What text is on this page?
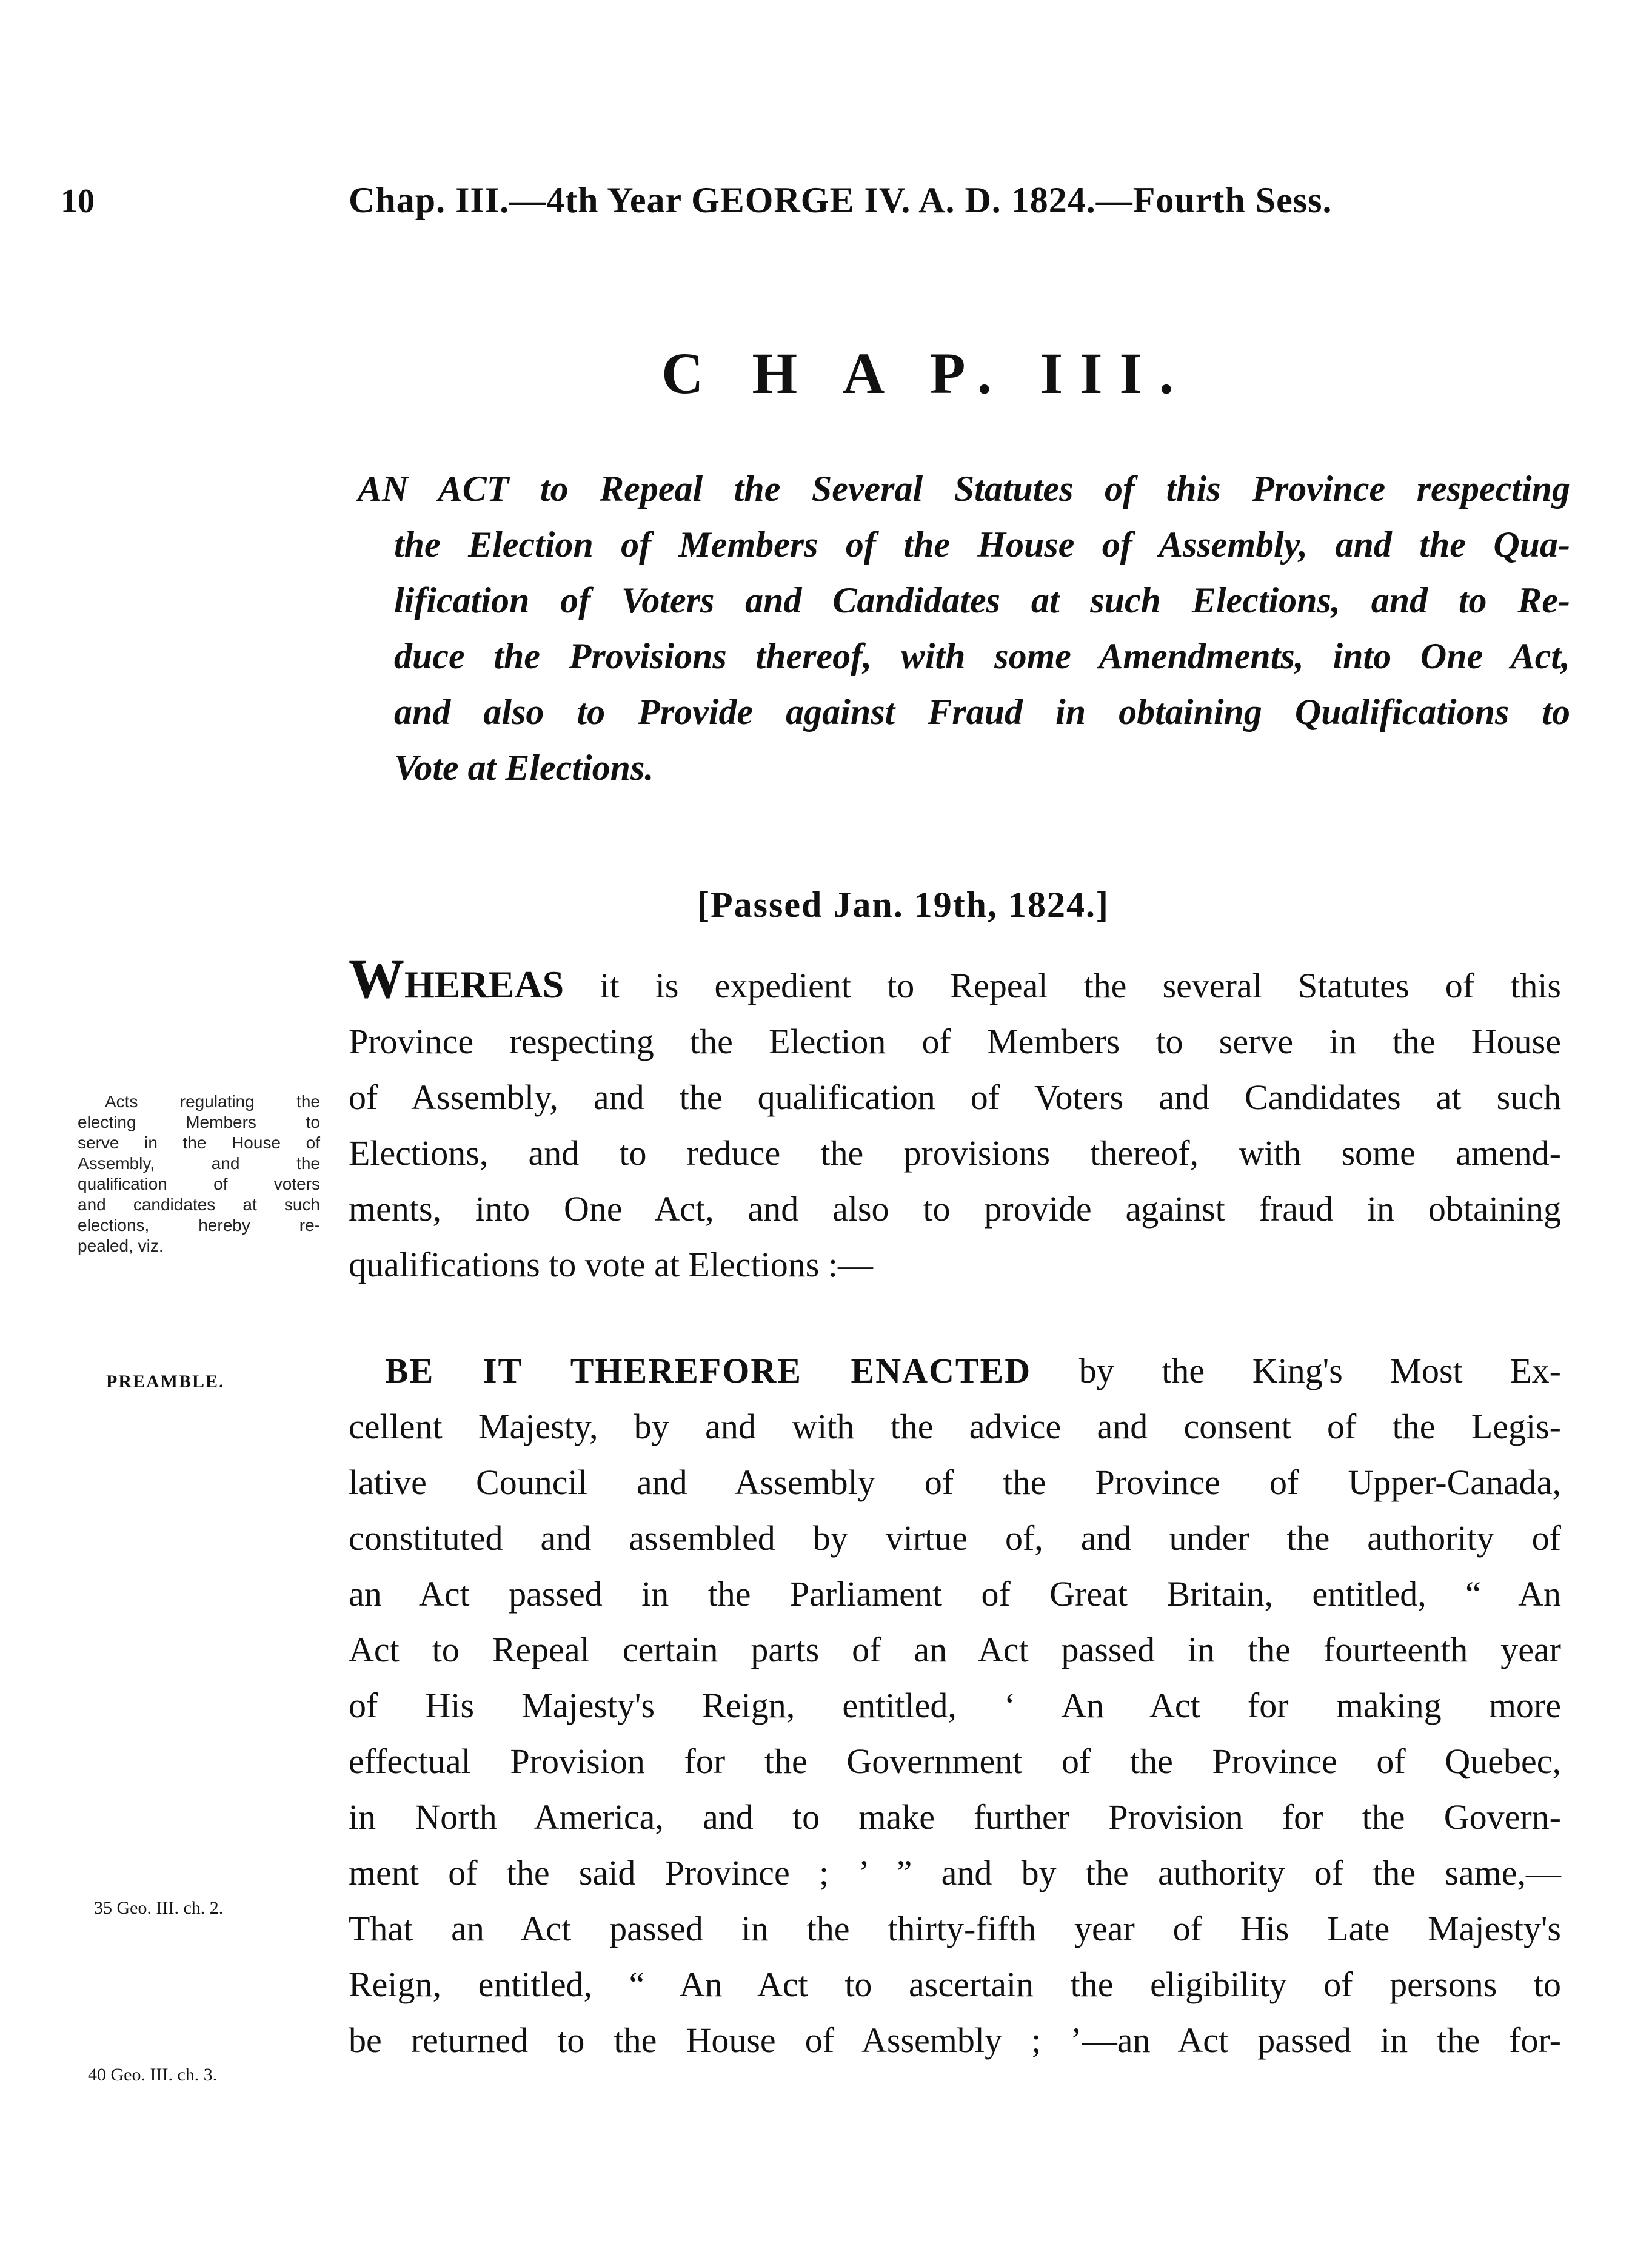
10	Chap. III.—4th Year GEORGE IV. A. D. 1824.—Fourth Sess.
C H A P. III.
AN ACT to Repeal the Several Statutes of this Province respecting
the Election of Members of the House of Assembly, and the Qua-
lification of Voters and Candidates at such Elections, and to Re-
duce the Provisions thereof, with some Amendments, into One Act,
and also to Provide against Fraud in obtaining Qualifications to
Vote at Elections.
[Passed Jan. 19th, 1824.]
WHEREAS it is expedient to Repeal the several Statutes of this
Province respecting the Election of Members to serve in the House
of Assembly, and the qualification of Voters and Candidates at such
Elections, and to reduce the provisions thereof, with some amend-
ments, into One Act, and also to provide against fraud in obtaining
qualifications to vote at Elections :—
BE IT THEREFORE ENACTED by the King's Most Ex-
cellent Majesty, by and with the advice and consent of the Legis-
lative Council and Assembly of the Province of Upper-Canada,
constituted and assembled by virtue of, and under the authority of
an Act passed in the Parliament of Great Britain, entitled, “ An
Act to Repeal certain parts of an Act passed in the fourteenth year
of His Majesty's Reign, entitled, ‘ An Act for making more
effectual Provision for the Government of the Province of Quebec,
in North America, and to make further Provision for the Govern-
ment of the said Province ; ’ ” and by the authority of the same,—
That an Act passed in the thirty-fifth year of His Late Majesty's
Reign, entitled, “ An Act to ascertain the eligibility of persons to
be returned to the House of Assembly ; ’—an Act passed in the for-
Acts regulating the
electing Members to
serve in the House of
Assembly, and the
qualification of voters
and candidates at such
elections, hereby re-
pealed, viz.
PREAMBLE.
35 Geo. III. ch. 2.
40 Geo. III. ch. 3.
